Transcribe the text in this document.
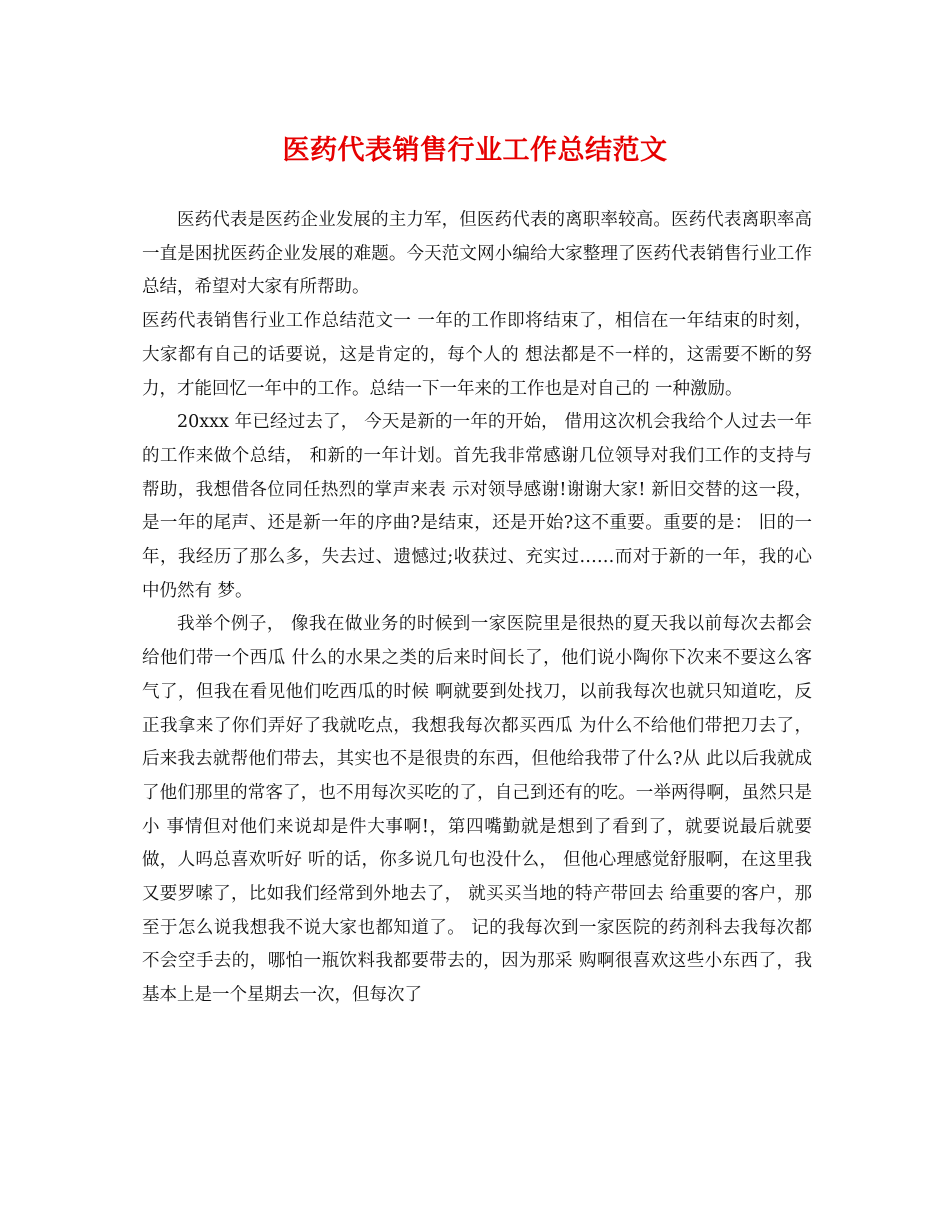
医药代表销售行业工作总结范文

医药代表是医药企业发展的主力军，但医药代表的离职率较高。医药代表离职率高一直是困扰医药企业发展的难题。今天范文网小编给大家整理了医药代表销售行业工作总结，希望对大家有所帮助。

医药代表销售行业工作总结范文一 一年的工作即将结束了，相信在一年结束的时刻，大家都有自己的话要说，这是肯定的，每个人的 想法都是不一样的，这需要不断的努力，才能回忆一年中的工作。总结一下一年来的工作也是对自己的 一种激励。

20xxx 年已经过去了， 今天是新的一年的开始， 借用这次机会我给个人过去一年的工作来做个总结， 和新的一年计划。首先我非常感谢几位领导对我们工作的支持与帮助，我想借各位同任热烈的掌声来表 示对领导感谢!谢谢大家! 新旧交替的这一段，是一年的尾声、还是新一年的序曲?是结束，还是开始?这不重要。重要的是： 旧的一年，我经历了那么多，失去过、遗憾过;收获过、充实过……而对于新的一年，我的心中仍然有 梦。

我举个例子， 像我在做业务的时候到一家医院里是很热的夏天我以前每次去都会给他们带一个西瓜 什么的水果之类的后来时间长了，他们说小陶你下次来不要这么客气了，但我在看见他们吃西瓜的时候 啊就要到处找刀，以前我每次也就只知道吃，反正我拿来了你们弄好了我就吃点，我想我每次都买西瓜 为什么不给他们带把刀去了，后来我去就帮他们带去，其实也不是很贵的东西，但他给我带了什么?从 此以后我就成了他们那里的常客了，也不用每次买吃的了，自己到还有的吃。一举两得啊，虽然只是小 事情但对他们来说却是件大事啊!，第四嘴勤就是想到了看到了，就要说最后就要做，人吗总喜欢听好 听的话，你多说几句也没什么， 但他心理感觉舒服啊，在这里我又要罗嗦了，比如我们经常到外地去了， 就买买当地的特产带回去 给重要的客户，那至于怎么说我想我不说大家也都知道了。 记的我每次到一家医院的药剂科去我每次都不会空手去的，哪怕一瓶饮料我都要带去的，因为那采 购啊很喜欢这些小东西了，我基本上是一个星期去一次，但每次了
